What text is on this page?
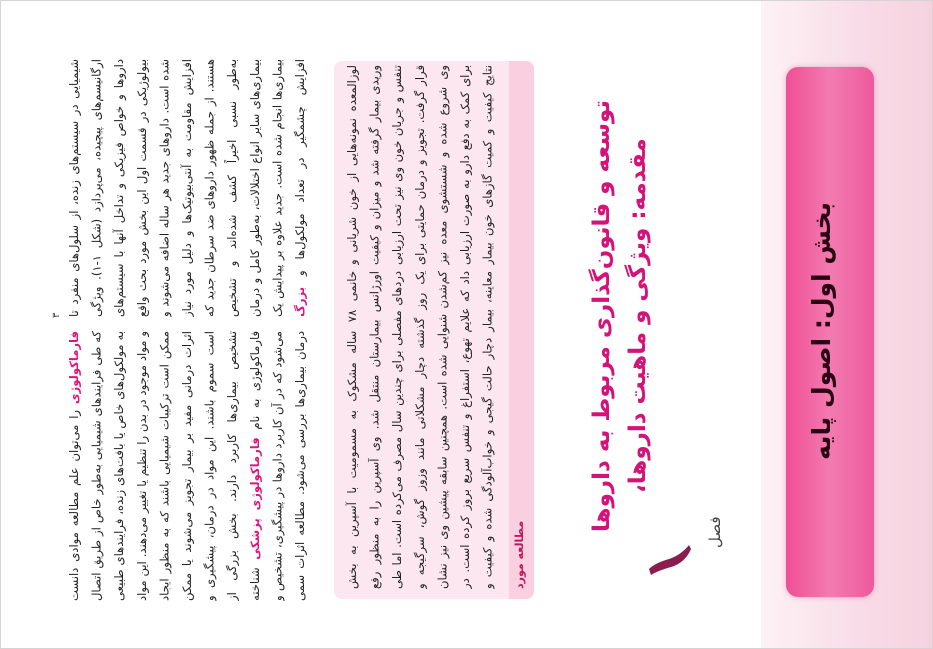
بخش اول: اصول پایه
فصل
مقدمه: ویژگی و ماهیت داروها،
توسعه و قانون‌گذاری مربوط به داروها
مطالعه مورد
لوزالمعده نمونه‌هایی از خون‌ شریانی و وریدی بیمار گرفته شد و میزان و کیفیت تنفس و جریان خون وی نیز تحت ارزیابی قرار گرفت. تجویز و درمان حمایتی برای وی شروع شده و شستشوی معده نیز برای کمک به دفع دارو به صورت ارزیابی نتایج کیفیت و کمیت گازهای خون بیمار
خانمی ۷۸ ساله مشکوک به مسمومیت با آسپرین به بخش اورژانس بیمارستان منتقل شد. وی آسپرین را به منظور رفع دردهای مفصلی برای چندین سال مصرف می‌کرده است. اما طی یک روز گذشته دچار مشکلاتی مانند وزوز گوش، سرگیجه و کم‌شدن شنوایی شده است. همچنین سابقه پیشین وی نیز نشان داد که علایم تهوع، استفراغ و تنفس سریع بروز کرده است. در معاینه، بیمار دچار حالت گیجی و خواب‌آلودگی شده و کیفیت و
فارماکولوژی را می‌توان علم مطالعه موادی دانست که طی فرایندهای شیمیایی به‌طور خاص از طریق اتصال به مولکول‌های خاص یا بافت‌های زنده، فرایندهای طبیعی و مواد موجود در بدن را تنظیم یا تغییر می‌دهند. این مواد ممکن است ترکیبات شیمیایی باشند که به منظور ایجاد اثرات درمانی مفید بر بیمار تجویز می‌شوند یا ممکن است سموم باشند. این مواد در درمان، پیشگیری و تشخیص بیماری‌ها کاربرد دارند. بخش بزرگی از فارماکولوژی به نام فارماکولوژی پزشکی شناخته می‌شود که در آن کاربرد داروها در پیشگیری، تشخیص و درمان بیماری‌ها بررسی می‌شود. مطالعه اثرات سمی
شیمیایی در سیستم‌های زنده، از سلول‌های منفرد تا ارگانیسم‌های پیچیده، می‌پردازد (شکل ۱-۱). ویژگی داروها و خواص فیزیکی و تداخل آنها با سیستم‌های بیولوژیکی در قسمت اول این بخش مورد بحث واقع شده است. داروهای جدید هر ساله اضافه می‌شوند و افزایش مقاومت به آنتی‌بیوتیک‌ها و دلیل مورد نیاز هستند. از جمله ظهور داروهای ضد سرطان جدید که به‌طور نسبی اخیراً کشف شده‌اند و تشخیص بیماری‌های سایر انواع اختلالات، به‌طور کامل و درمان بیماری‌ها انجام شده است. جدید علاوه بر پیدایش یک افزایش چشمگیر در تعداد مولکول‌ها و بزرگ
۳
